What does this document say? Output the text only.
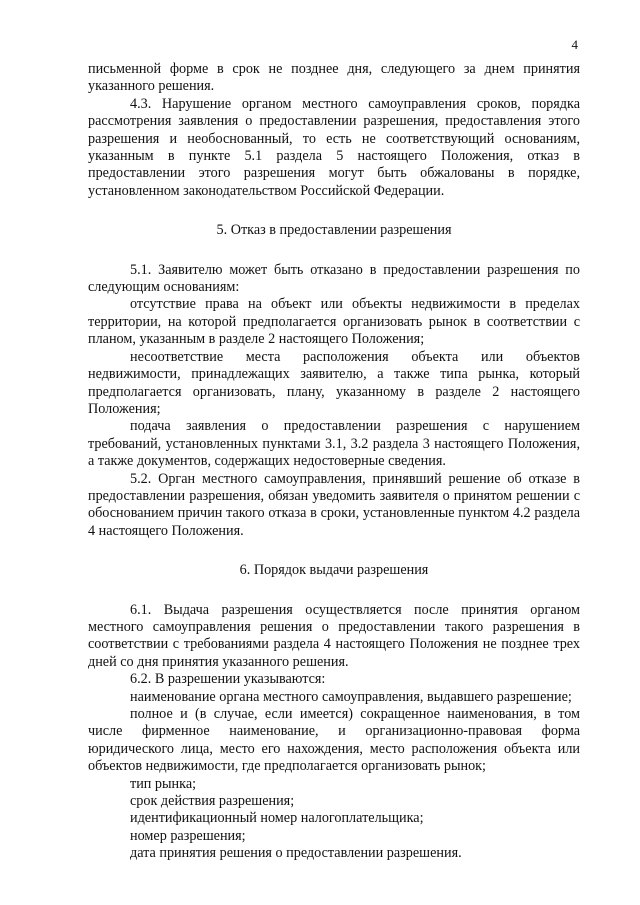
4

письменной форме в срок не позднее дня, следующего за днем принятия указанного решения.

4.3. Нарушение органом местного самоуправления сроков, порядка рассмотрения заявления о предоставлении разрешения, предоставления этого разрешения и необоснованный, то есть не соответствующий основаниям, указанным в пункте 5.1 раздела 5 настоящего Положения, отказ в предоставлении этого разрешения могут быть обжалованы в порядке, установленном законодательством Российской Федерации.

5. Отказ в предоставлении разрешения

5.1. Заявителю может быть отказано в предоставлении разрешения по следующим основаниям:

отсутствие права на объект или объекты недвижимости в пределах территории, на которой предполагается организовать рынок в соответствии с планом, указанным в разделе 2 настоящего Положения;

несоответствие места расположения объекта или объектов недвижимости, принадлежащих заявителю, а также типа рынка, который предполагается организовать, плану, указанному в разделе 2 настоящего Положения;

подача заявления о предоставлении разрешения с нарушением требований, установленных пунктами 3.1, 3.2 раздела 3 настоящего Положения, а также документов, содержащих недостоверные сведения.

5.2. Орган местного самоуправления, принявший решение об отказе в предоставлении разрешения, обязан уведомить заявителя о принятом решении с обоснованием причин такого отказа в сроки, установленные пунктом 4.2 раздела 4 настоящего Положения.

6. Порядок выдачи разрешения

6.1. Выдача разрешения осуществляется после принятия органом местного самоуправления решения о предоставлении такого разрешения в соответствии с требованиями раздела 4 настоящего Положения не позднее трех дней со дня принятия указанного решения.

6.2. В разрешении указываются:

наименование органа местного самоуправления, выдавшего разрешение;

полное и (в случае, если имеется) сокращенное наименования, в том числе фирменное наименование, и организационно-правовая форма юридического лица, место его нахождения, место расположения объекта или объектов недвижимости, где предполагается организовать рынок;

тип рынка;

срок действия разрешения;

идентификационный номер налогоплательщика;

номер разрешения;

дата принятия решения о предоставлении разрешения.
